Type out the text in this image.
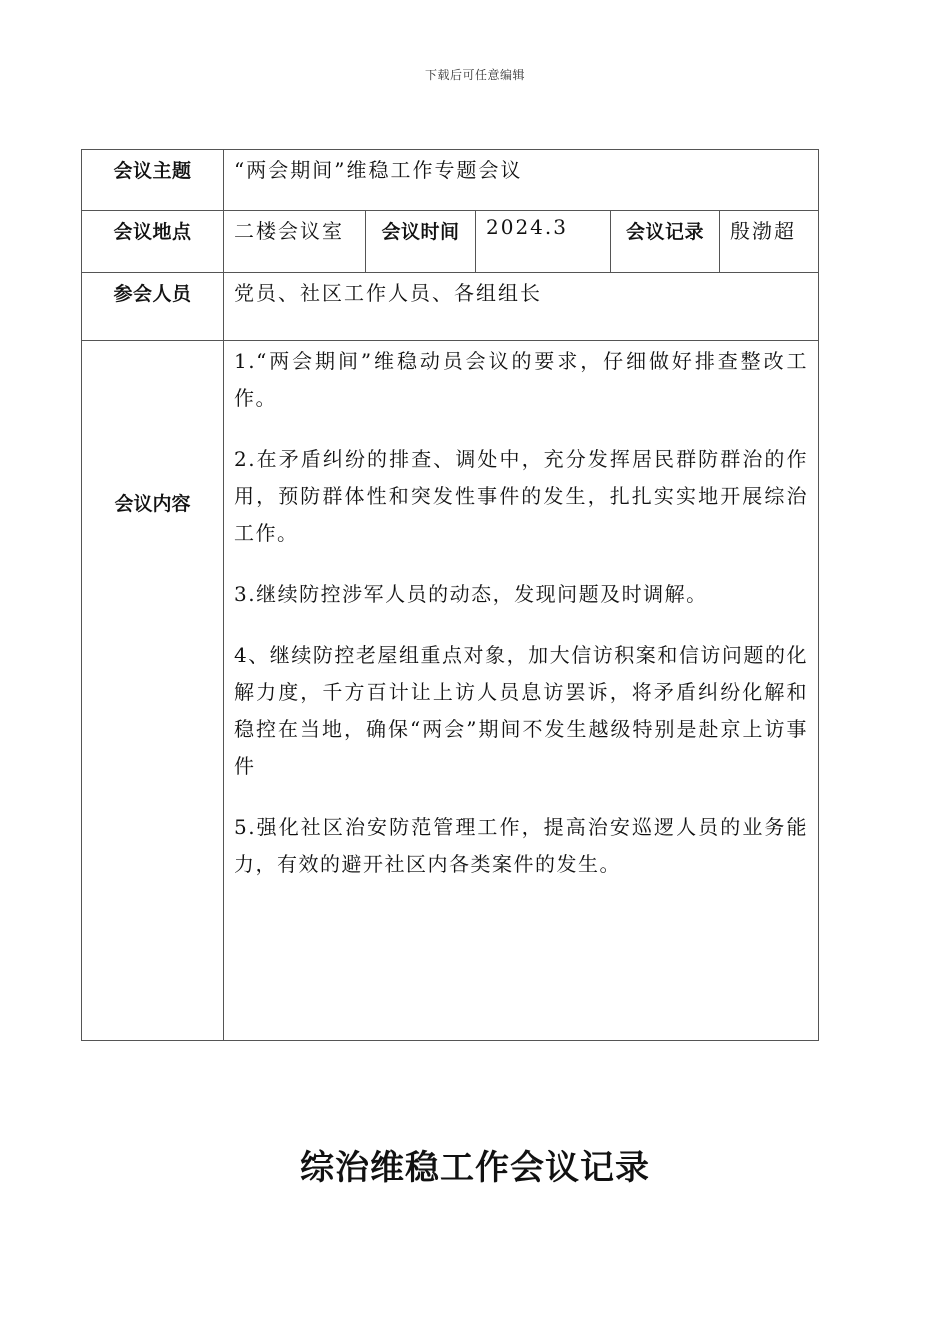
下载后可任意编辑
会议主题	“两会期间”维稳工作专题会议				
会议地点	二楼会议室	会议时间	2024.3	会议记录	殷渤超
参会人员	党员、社区工作人员、各组组长				
会议内容	1.“两会期间”维稳动员会议的要求，仔细做好排查整改工作。

2.在矛盾纠纷的排查、调处中，充分发挥居民群防群治的作用，预防群体性和突发性事件的发生，扎扎实实地开展综治工作。

3.继续防控涉军人员的动态，发现问题及时调解。

4、继续防控老屋组重点对象，加大信访积案和信访问题的化解力度，千方百计让上访人员息访罢诉，将矛盾纠纷化解和稳控在当地，确保“两会”期间不发生越级特别是赴京上访事件

5.强化社区治安防范管理工作，提高治安巡逻人员的业务能力，有效的避开社区内各类案件的发生。				

综治维稳工作会议记录
